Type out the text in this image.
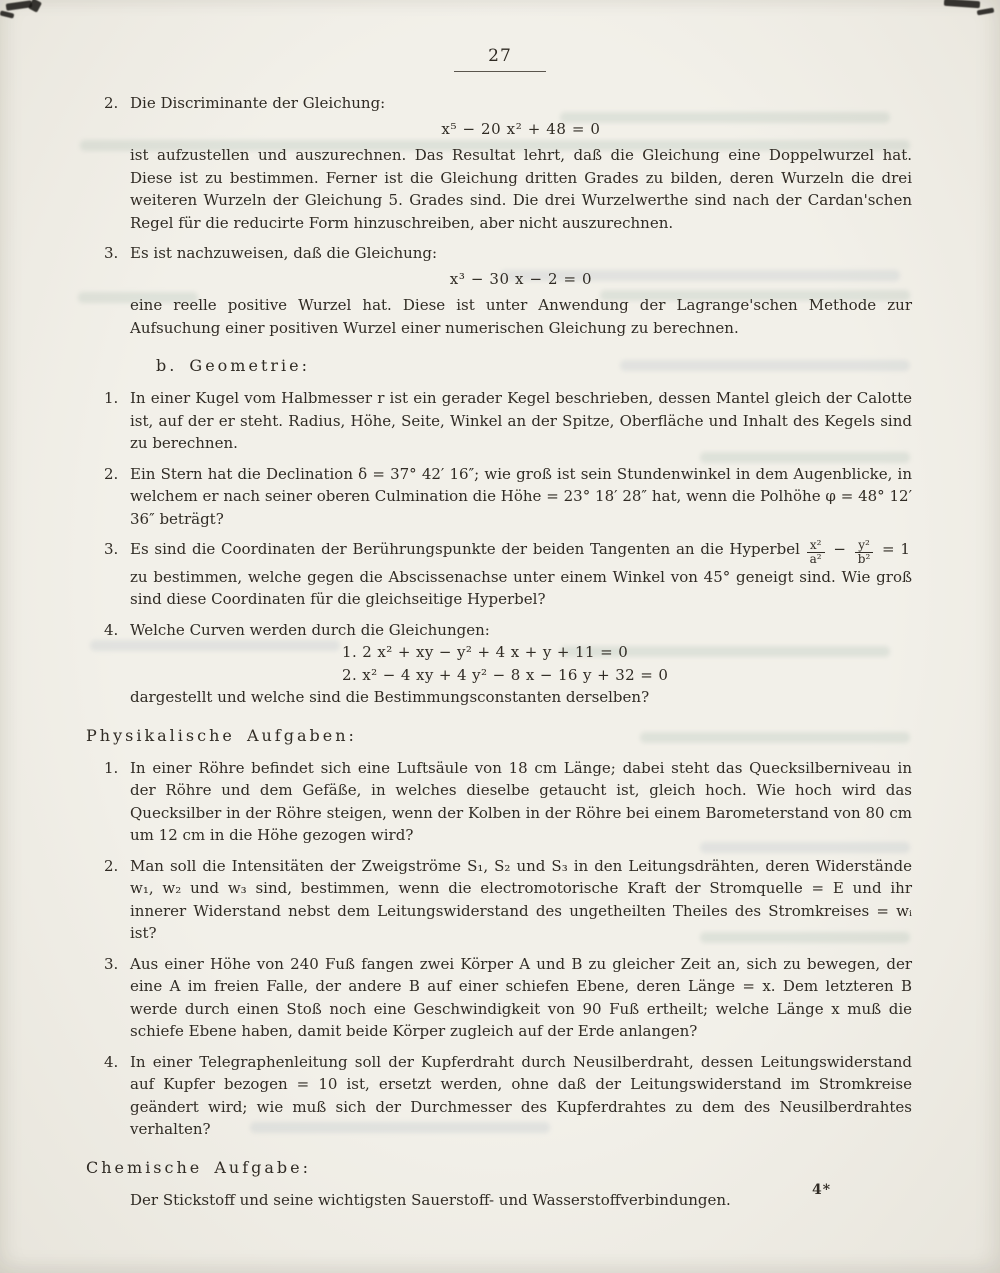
27
2. Die Discriminante der Gleichung:
x⁵ − 20 x² + 48 = 0
ist aufzustellen und auszurechnen. Das Resultat lehrt, daß die Gleichung eine Doppelwurzel hat. Diese ist zu bestimmen. Ferner ist die Gleichung dritten Grades zu bilden, deren Wurzeln die drei weiteren Wurzeln der Gleichung 5. Grades sind. Die drei Wurzelwerthe sind nach der Cardan'schen Regel für die reducirte Form hinzuschreiben, aber nicht auszurechnen.
3. Es ist nachzuweisen, daß die Gleichung:
x³ − 30 x − 2 = 0
eine reelle positive Wurzel hat. Diese ist unter Anwendung der Lagrange'schen Methode zur Aufsuchung einer positiven Wurzel einer numerischen Gleichung zu berechnen.
b. Geometrie:
1. In einer Kugel vom Halbmesser r ist ein gerader Kegel beschrieben, dessen Mantel gleich der Calotte ist, auf der er steht. Radius, Höhe, Seite, Winkel an der Spitze, Oberfläche und Inhalt des Kegels sind zu berechnen.
2. Ein Stern hat die Declination δ = 37° 42′ 16″; wie groß ist sein Stundenwinkel in dem Augenblicke, in welchem er nach seiner oberen Culmination die Höhe = 23° 18′ 28″ hat, wenn die Polhöhe φ = 48° 12′ 36″ beträgt?
3. Es sind die Coordinaten der Berührungspunkte der beiden Tangenten an die Hyperbel $\frac{\text{x²}}{\text{a²}} - \frac{\text{y²}}{\text{b²}} = 1$ zu bestimmen, welche gegen die Abscissenachse unter einem Winkel von 45° geneigt sind. Wie groß sind diese Coordinaten für die gleichseitige Hyperbel?
4. Welche Curven werden durch die Gleichungen:
1. 2 x² + xy − y² + 4 x + y + 11 = 0
2. x² − 4 xy + 4 y² − 8 x − 16 y + 32 = 0
dargestellt und welche sind die Bestimmungsconstanten derselben?
Physikalische Aufgaben:
1. In einer Röhre befindet sich eine Luftsäule von 18 cm Länge; dabei steht das Quecksilberniveau in der Röhre und dem Gefäße, in welches dieselbe getaucht ist, gleich hoch. Wie hoch wird das Quecksilber in der Röhre steigen, wenn der Kolben in der Röhre bei einem Barometerstand von 80 cm um 12 cm in die Höhe gezogen wird?
2. Man soll die Intensitäten der Zweigströme S₁, S₂ und S₃ in den Leitungsdrähten, deren Widerstände w₁, w₂ und w₃ sind, bestimmen, wenn die electromotorische Kraft der Stromquelle = E und ihr innerer Widerstand nebst dem Leitungswiderstand des ungetheilten Theiles des Stromkreises = wᵢ ist?
3. Aus einer Höhe von 240 Fuß fangen zwei Körper A und B zu gleicher Zeit an, sich zu bewegen, der eine A im freien Falle, der andere B auf einer schiefen Ebene, deren Länge = x. Dem letzteren B werde durch einen Stoß noch eine Geschwindigkeit von 90 Fuß ertheilt; welche Länge x muß die schiefe Ebene haben, damit beide Körper zugleich auf der Erde anlangen?
4. In einer Telegraphenleitung soll der Kupferdraht durch Neusilberdraht, dessen Leitungswiderstand auf Kupfer bezogen = 10 ist, ersetzt werden, ohne daß der Leitungswiderstand im Stromkreise geändert wird; wie muß sich der Durchmesser des Kupferdrahtes zu dem des Neusilberdrahtes verhalten?
Chemische Aufgabe:
Der Stickstoff und seine wichtigsten Sauerstoff- und Wasserstoffverbindungen.
4*
